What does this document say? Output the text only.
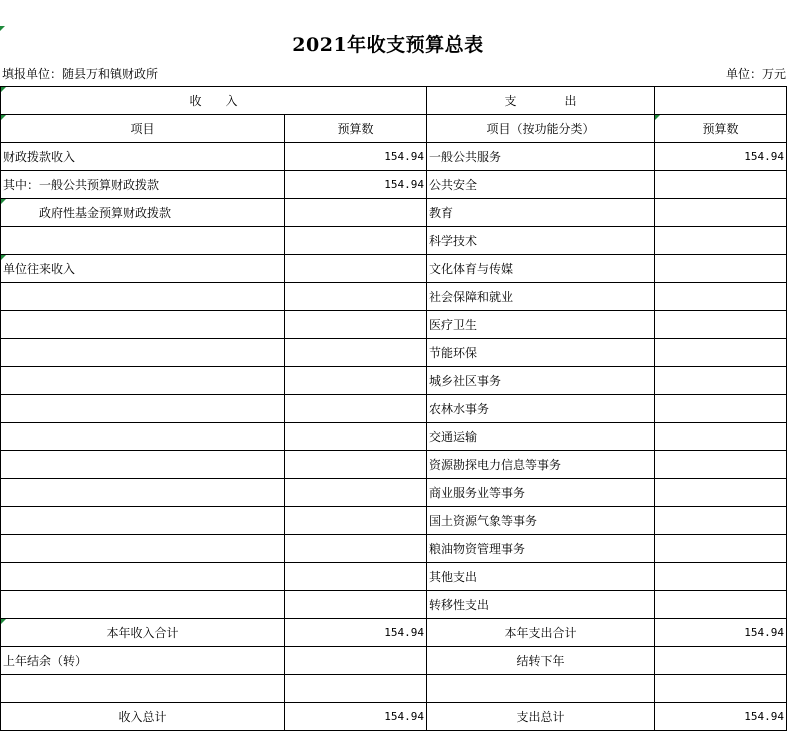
2021年收支预算总表
填报单位：随县万和镇财政所	单位：万元
收　　入		支　　　　出	

项目	预算数	项目（按功能分类）	预算数
财政拨款收入	154.94	一般公共服务	154.94
其中：一般公共预算财政拨款	154.94	公共安全	

政府性基金预算财政拨款		教育	
		科学技术	

单位往来收入		文化体育与传媒	
		社会保障和就业	
		医疗卫生	
		节能环保	
		城乡社区事务	
		农林水事务	
		交通运输	
		资源勘探电力信息等事务	
		商业服务业等事务	
		国土资源气象等事务	
		粮油物资管理事务	
		其他支出	
		转移性支出	

本年收入合计	154.94	本年支出合计	154.94
上年结余（转）		结转下年	

收入总计	154.94	支出总计	154.94
